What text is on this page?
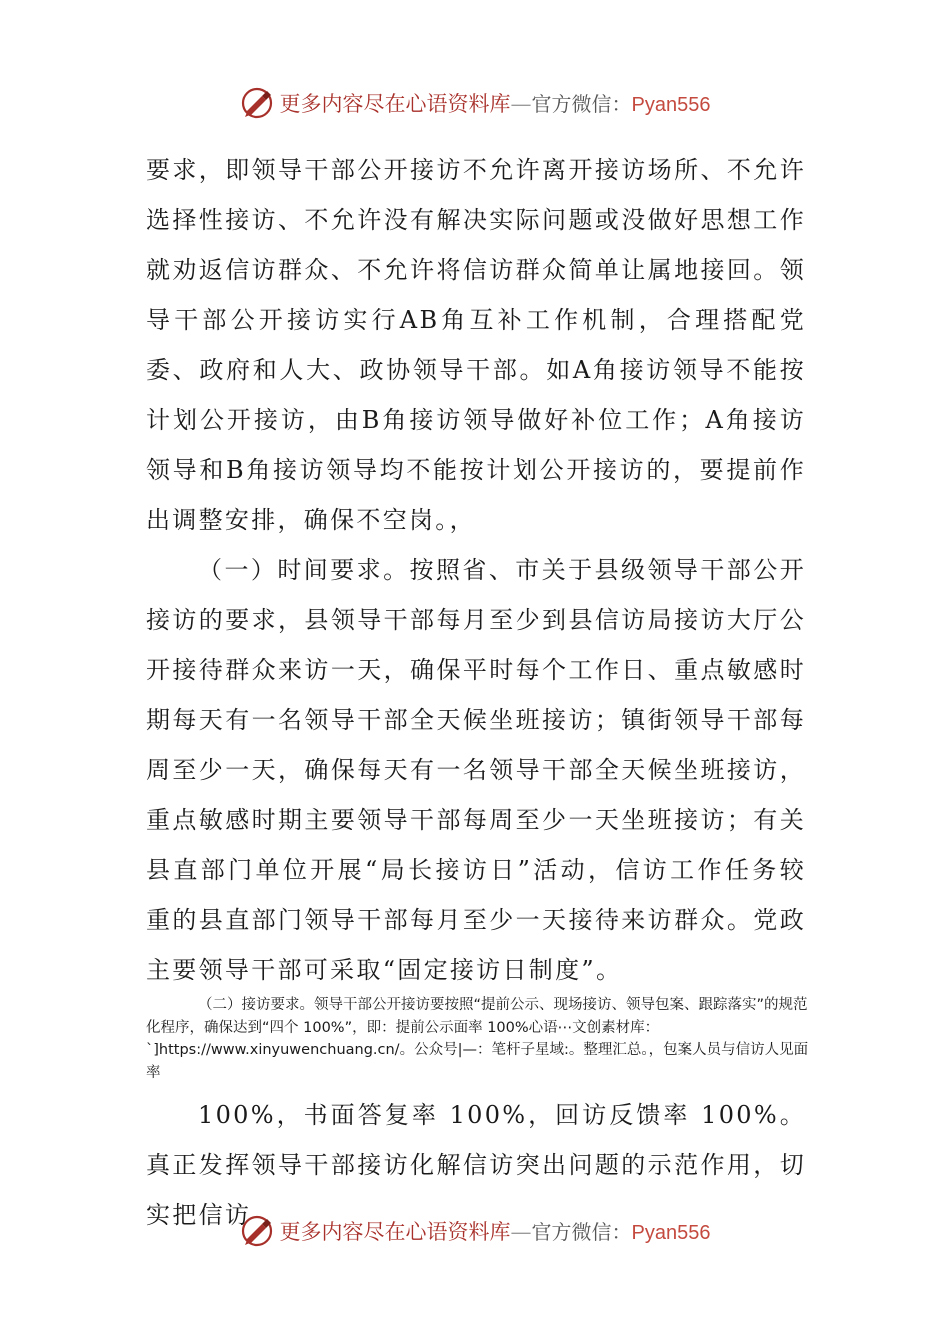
更多内容尽在心语资料库—官方微信：Pyan556
要求，即领导干部公开接访不允许离开接访场所、不允许选择性接访、不允许没有解决实际问题或没做好思想工作就劝返信访群众、不允许将信访群众简单让属地接回。领导干部公开接访实行AB角互补工作机制，合理搭配党委、政府和人大、政协领导干部。如A角接访领导不能按计划公开接访，由B角接访领导做好补位工作；A角接访领导和B角接访领导均不能按计划公开接访的，要提前作出调整安排，确保不空岗。，
（一）时间要求。按照省、市关于县级领导干部公开接访的要求，县领导干部每月至少到县信访局接访大厅公开接待群众来访一天，确保平时每个工作日、重点敏感时期每天有一名领导干部全天候坐班接访；镇街领导干部每周至少一天，确保每天有一名领导干部全天候坐班接访，重点敏感时期主要领导干部每周至少一天坐班接访；有关县直部门单位开展“局长接访日”活动，信访工作任务较重的县直部门领导干部每月至少一天接待来访群众。党政主要领导干部可采取“固定接访日制度”。
（二）接访要求。领导干部公开接访要按照“提前公示、现场接访、领导包案、跟踪落实”的规范化程序，确保达到“四个 100%”，即：提前公示面率 100%心语⋯文创素材库：`]https://www.xinyuwenchuang.cn/。公众号|—：笔杆子星域:。整理汇总。，包案人员与信访人见面率
100%，书面答复率 100%，回访反馈率 100%。真正发挥领导干部接访化解信访突出问题的示范作用，切实把信访
更多内容尽在心语资料库—官方微信：Pyan556
